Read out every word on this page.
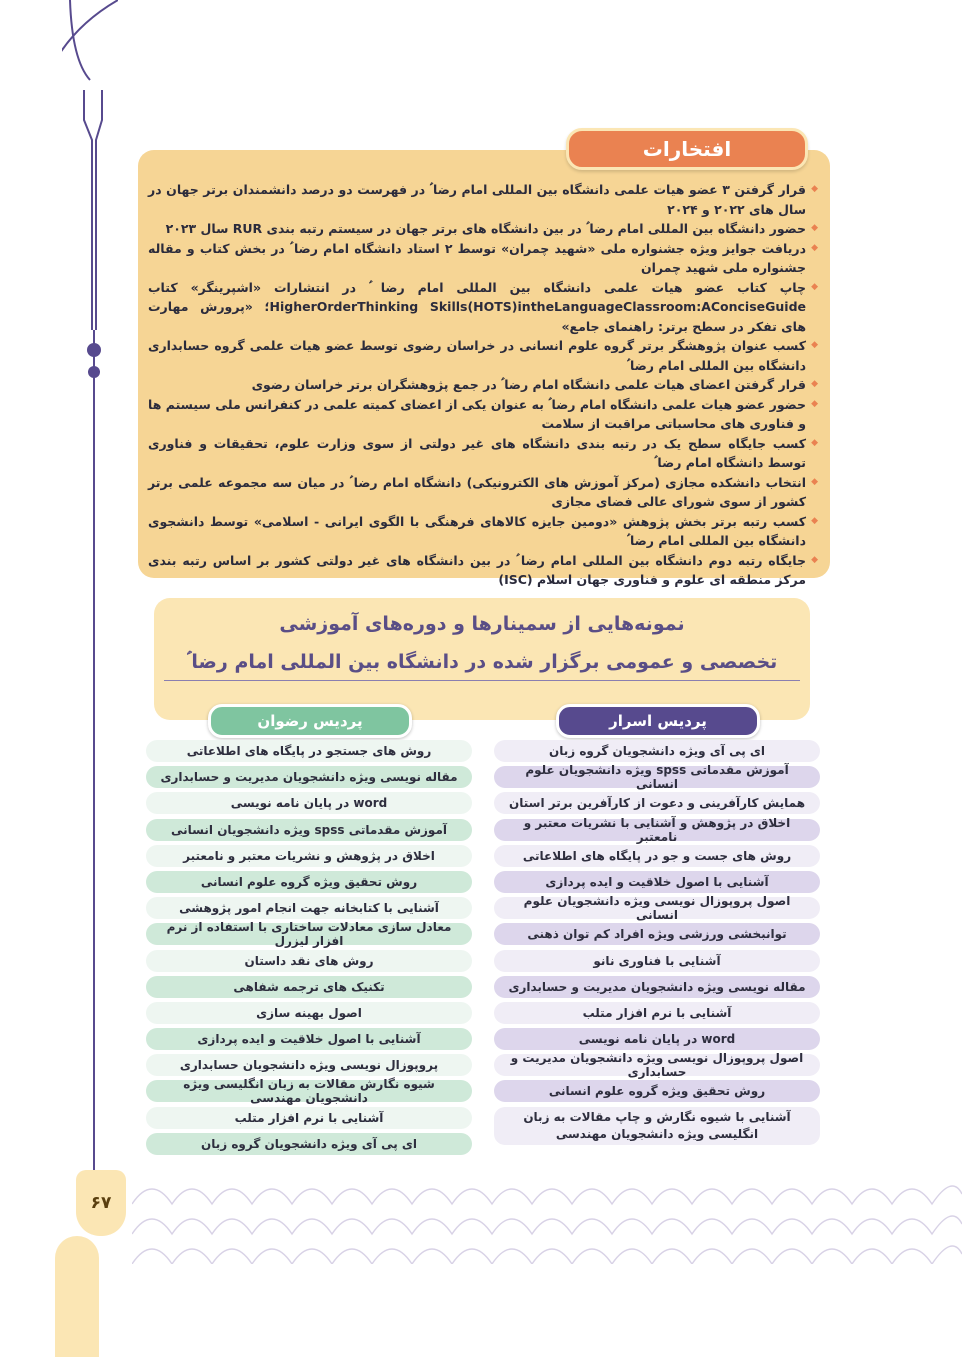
افتخارات
◆ قرار گرفتن ۳ عضو هیات علمی دانشگاه بین المللی امام رضا ؑ در فهرست دو درصد دانشمندان برتر جهان در سال های ۲۰۲۲ و ۲۰۲۴
◆ حضور دانشگاه بین المللی امام رضا ؑ در بین دانشگاه های برتر جهان در سیستم رتبه بندی RUR سال ۲۰۲۳
◆ دریافت جوایز ویژه جشنواره ملی «شهید چمران» توسط ۲ استاد دانشگاه امام رضا ؑ در بخش کتاب و مقاله جشنواره ملی شهید چمران
◆ چاپ کتاب عضو هیات علمی دانشگاه بین المللی امام رضا ؑ در انتشارات «اشپرینگر» کتاب HigherOrderThinking Skills(HOTS)intheLanguageClassroom:AConciseGuide؛ «پرورش مهارت های تفکر در سطح برتر: راهنمای جامع»
◆ کسب عنوان پژوهشگر برتر گروه علوم انسانی در خراسان رضوی توسط عضو هیات علمی گروه حسابداری دانشگاه بین المللی امام رضا ؑ
◆ قرار گرفتن اعضای هیات علمی دانشگاه امام رضا ؑ در جمع پژوهشگران برتر خراسان رضوی
◆ حضور عضو هیات علمی دانشگاه امام رضا ؑ به عنوان یکی از اعضای کمیته علمی در کنفرانس ملی سیستم ها و فناوری های محاسباتی مراقبت از سلامت
◆ کسب جایگاه سطح یک در رتبه بندی دانشگاه های غیر دولتی از سوی وزارت علوم، تحقیقات و فناوری توسط دانشگاه امام رضا ؑ
◆ انتخاب دانشکده مجازی (مرکز آموزش های الکترونیکی) دانشگاه امام رضا ؑ در میان سه مجموعه علمی برتر کشور از سوی شورای عالی فضای مجازی
◆ کسب رتبه برتر بخش پژوهش «دومین جایزه کالاهای فرهنگی با الگوی ایرانی - اسلامی» توسط دانشجوی دانشگاه بین المللی امام رضا ؑ
◆ جایگاه رتبه دوم دانشگاه بین المللی امام رضا ؑ در بین دانشگاه های غیر دولتی کشور بر اساس رتبه بندی مرکز منطقه ای علوم و فناوری جهان اسلام (ISC)
نمونه‌هایی از سمینارها و دوره‌های آموزشی
تخصصی و عمومی برگزار شده در دانشگاه بین المللی امام رضا ؑ
پردیس رضوان	پردیس اسرار
روش های جستجو در پایگاه های اطلاعاتی
مقاله نویسی ویژه دانشجویان مدیریت و حسابداری
word در پایان نامه نویسی
آموزش مقدماتی spss ویژه دانشجویان انسانی
اخلاق در پژوهش و نشریات معتبر و نامعتبر
روش تحقیق ویژه گروه علوم انسانی
آشنایی با کتابخانه جهت انجام امور پژوهشی
معادل سازی معادلات ساختاری با استفاده از نرم افزار لیزرل
روش های نقد داستان
تکنیک های ترجمه شفاهی
اصول بهینه سازی
آشنایی با اصول خلاقیت و ایده پردازی
پروپوزال نویسی ویژه دانشجویان حسابداری
شیوه نگارش مقالات به زبان انگلیسی ویژه دانشجویان مهندسی
آشنایی با نرم افزار متلب
ای پی آی ویژه دانشجویان گروه زبان
ای پی آی ویژه دانشجویان گروه زبان
آموزش مقدماتی spss ویژه دانشجویان علوم انسانی
همایش کارآفرینی و دعوت از کارآفرین برتر استان
اخلاق در پژوهش و آشنایی با نشریات معتبر و نامعتبر
روش های جست و جو در پایگاه های اطلاعاتی
آشنایی با اصول خلاقیت و ایده پردازی
اصول پروپوزال نویسی ویژه دانشجویان علوم انسانی
توانبخشی ورزشی ویژه افراد کم توان ذهنی
آشنایی با فناوری نانو
مقاله نویسی ویژه دانشجویان مدیریت و حسابداری
آشنایی با نرم افزار متلب
word در پایان نامه نویسی
اصول پروپوزال نویسی ویژه دانشجویان مدیریت و حسابداری
روش تحقیق ویژه گروه علوم انسانی
آشنایی با شیوه نگارش و چاپ مقالات به زبان انگلیسی ویژه دانشجویان مهندسی
۶۷
